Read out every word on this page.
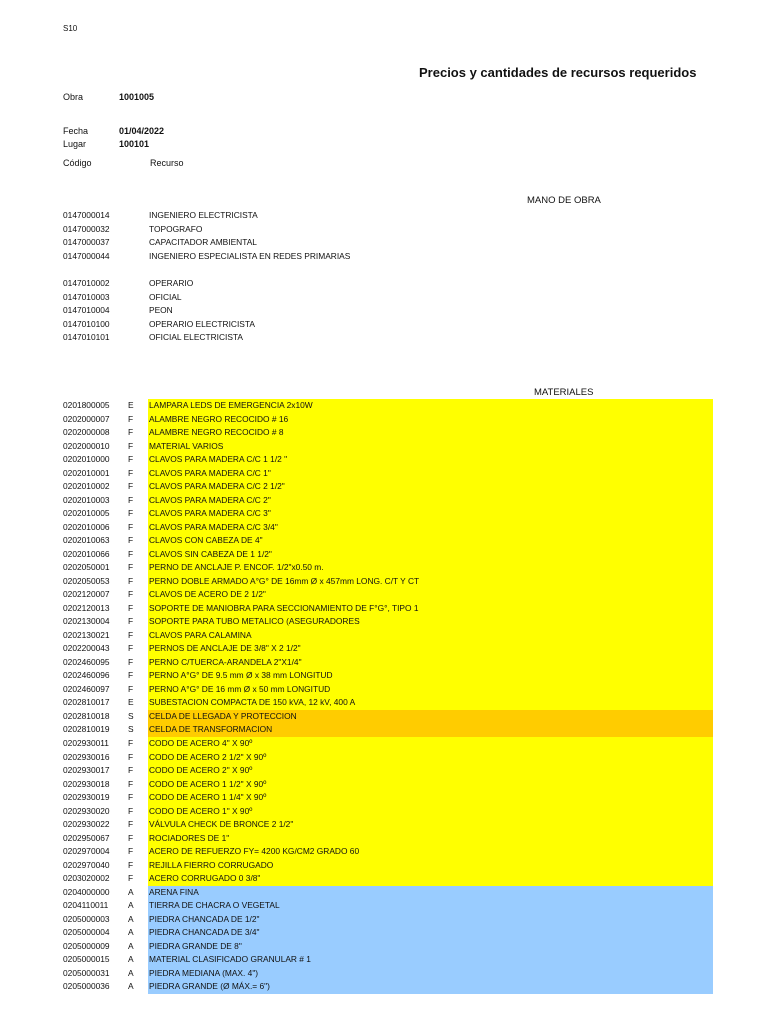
S10
Precios y cantidades de recursos requeridos
Obra	1001005
Fecha	01/04/2022
Lugar	100101
Código	Recurso
MANO DE OBRA
0147000014	INGENIERO ELECTRICISTA
0147000032	TOPOGRAFO
0147000037	CAPACITADOR AMBIENTAL
0147000044	INGENIERO ESPECIALISTA EN REDES PRIMARIAS
0147010002	OPERARIO
0147010003	OFICIAL
0147010004	PEON
0147010100	OPERARIO ELECTRICISTA
0147010101	OFICIAL ELECTRICISTA
MATERIALES
0201800005 E LAMPARA LEDS DE EMERGENCIA 2x10W
0202000007 F ALAMBRE NEGRO RECOCIDO # 16
0202000008 F ALAMBRE NEGRO RECOCIDO # 8
0202000010 F MATERIAL VARIOS
0202010000 F CLAVOS PARA MADERA C/C 1 1/2 "
0202010001 F CLAVOS PARA MADERA C/C 1"
0202010002 F CLAVOS PARA MADERA C/C 2 1/2"
0202010003 F CLAVOS PARA MADERA C/C 2"
0202010005 F CLAVOS PARA MADERA C/C 3"
0202010006 F CLAVOS PARA MADERA C/C 3/4"
0202010063 F CLAVOS CON CABEZA DE 4"
0202010066 F CLAVOS SIN CABEZA DE 1 1/2"
0202050001 F PERNO DE ANCLAJE P. ENCOF. 1/2"x0.50 m.
0202050053 F PERNO DOBLE ARMADO A°G° DE 16mm Ø x 457mm LONG. C/T Y CT
0202120007 F CLAVOS DE ACERO DE 2 1/2"
0202120013 F SOPORTE DE MANIOBRA PARA SECCIONAMIENTO DE F°G°, TIPO 1
0202130004 F SOPORTE PARA TUBO METALICO (ASEGURADORES
0202130021 F CLAVOS PARA CALAMINA
0202200043 F PERNOS DE ANCLAJE DE 3/8" X 2 1/2"
0202460095 F PERNO C/TUERCA-ARANDELA 2"X1/4"
0202460096 F PERNO A°G° DE 9.5 mm Ø x 38 mm LONGITUD
0202460097 F PERNO A°G° DE 16 mm Ø x 50 mm LONGITUD
0202810017 E SUBESTACION COMPACTA DE 150 kVA, 12 kV, 400 A
0202810018 S CELDA DE LLEGADA Y PROTECCION
0202810019 S CELDA DE TRANSFORMACION
0202930011 F CODO DE ACERO 4" X 90º
0202930016 F CODO DE ACERO 2 1/2" X 90º
0202930017 F CODO DE ACERO 2" X 90º
0202930018 F CODO DE ACERO 1 1/2" X 90º
0202930019 F CODO DE ACERO 1 1/4" X 90º
0202930020 F CODO DE ACERO 1" X 90º
0202930022 F VÁLVULA CHECK DE BRONCE 2 1/2"
0202950067 F ROCIADORES DE 1"
0202970004 F ACERO DE REFUERZO FY= 4200 KG/CM2 GRADO 60
0202970040 F REJILLA FIERRO CORRUGADO
0203020002 F ACERO CORRUGADO 0 3/8"
0204000000 A ARENA FINA
0204110011 A TIERRA DE CHACRA O VEGETAL
0205000003 A PIEDRA CHANCADA DE 1/2"
0205000004 A PIEDRA CHANCADA DE 3/4"
0205000009 A PIEDRA GRANDE DE 8"
0205000015 A MATERIAL CLASIFICADO GRANULAR # 1
0205000031 A PIEDRA MEDIANA (MAX. 4")
0205000036 A PIEDRA GRANDE (Ø MÁX.= 6")
